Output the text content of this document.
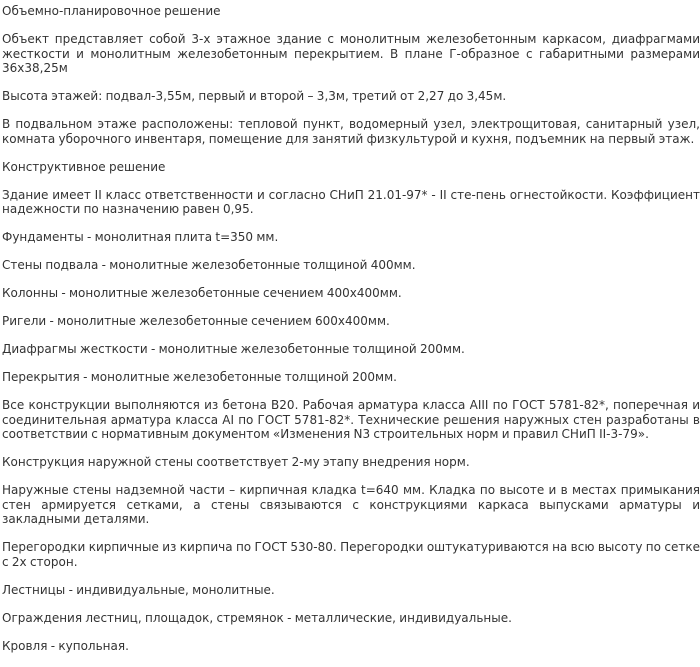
Объемно-планировочное решение

Объект представляет собой 3-х этажное здание с монолитным железобетонным каркасом, диафрагмами жесткости и монолитным железобетонным перекрытием. В плане Г-образное с габаритными размерами 36х38,25м

Высота этажей: подвал-3,55м, первый и второй – 3,3м, третий от 2,27 до 3,45м.

В подвальном этаже расположены: тепловой пункт, водомерный узел, электрощитовая, санитарный узел, комната уборочного инвентаря, помещение для занятий физкультурой и кухня, подъемник на первый этаж.

Конструктивное решение

Здание имеет II класс ответственности и согласно СНиП 21.01-97* - II сте-пень огнестойкости. Коэффициент надежности по назначению равен 0,95.

Фундаменты - монолитная плита t=350 мм.

Стены подвала - монолитные железобетонные толщиной 400мм.

Колонны - монолитные железобетонные сечением 400х400мм.

Ригели - монолитные железобетонные сечением 600х400мм.

Диафрагмы жесткости - монолитные железобетонные толщиной 200мм.

Перекрытия - монолитные железобетонные толщиной 200мм.

Все конструкции выполняются из бетона В20. Рабочая арматура класса АIII по ГОСТ 5781-82*, поперечная и соединительная арматура класса АI по ГОСТ 5781-82*. Технические решения наружных стен разработаны в соответствии с нормативным документом «Изменения N3 строительных норм и правил СНиП II-3-79».

Конструкция наружной стены соответствует 2-му этапу внедрения норм.

Наружные стены надземной части – кирпичная кладка t=640 мм. Кладка по высоте и в местах примыкания стен армируется сетками, а стены связываются с конструкциями каркаса выпусками арматуры и закладными деталями.

Перегородки кирпичные из кирпича по ГОСТ 530-80. Перегородки оштукатуриваются на всю высоту по сетке с 2х сторон.

Лестницы - индивидуальные, монолитные.

Ограждения лестниц, площадок, стремянок - металлические, индивидуальные.

Кровля - купольная.
